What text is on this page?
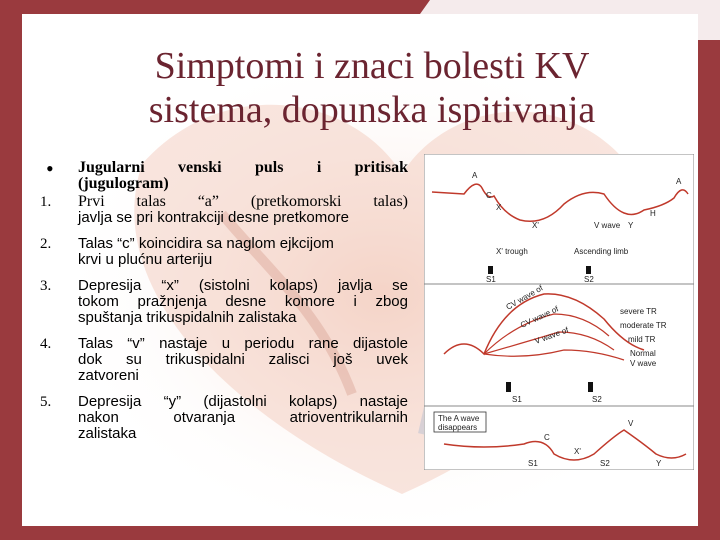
Simptomi i znaci bolesti KV
sistema, dopunska ispitivanja
•	Jugularni venski puls i pritisak
(jugulogram)
1.	Prvi talas “a” (pretkomorski talas)
javlja se pri kontrakciji desne pretkomore
2.	Talas “c” koincidira sa naglom ejkcijom
krvi u plućnu arteriju
3.	Depresija “x” (sistolni kolaps) javlja se
tokom pražnjenja desne komore i zbog
spuštanja trikuspidalnih zalistaka
4.	Talas “v” nastaje u periodu rane dijastole
dok su trikuspidalni zalisci još uvek
zatvoreni
5.	Depresija “y” (dijastolni kolaps) nastaje
nakon otvaranja atrioventrikularnih
zalistaka
A
C
X
X'	V wave Y
H
A
X' trough	Ascending limb
S1	S2
CV wave of	severe TR
CV wave of	moderate TR
V wave of	mild TR
Normal
V wave
S1	S2
The A wave
disappears
C
X'
V
Y
S1	S2
